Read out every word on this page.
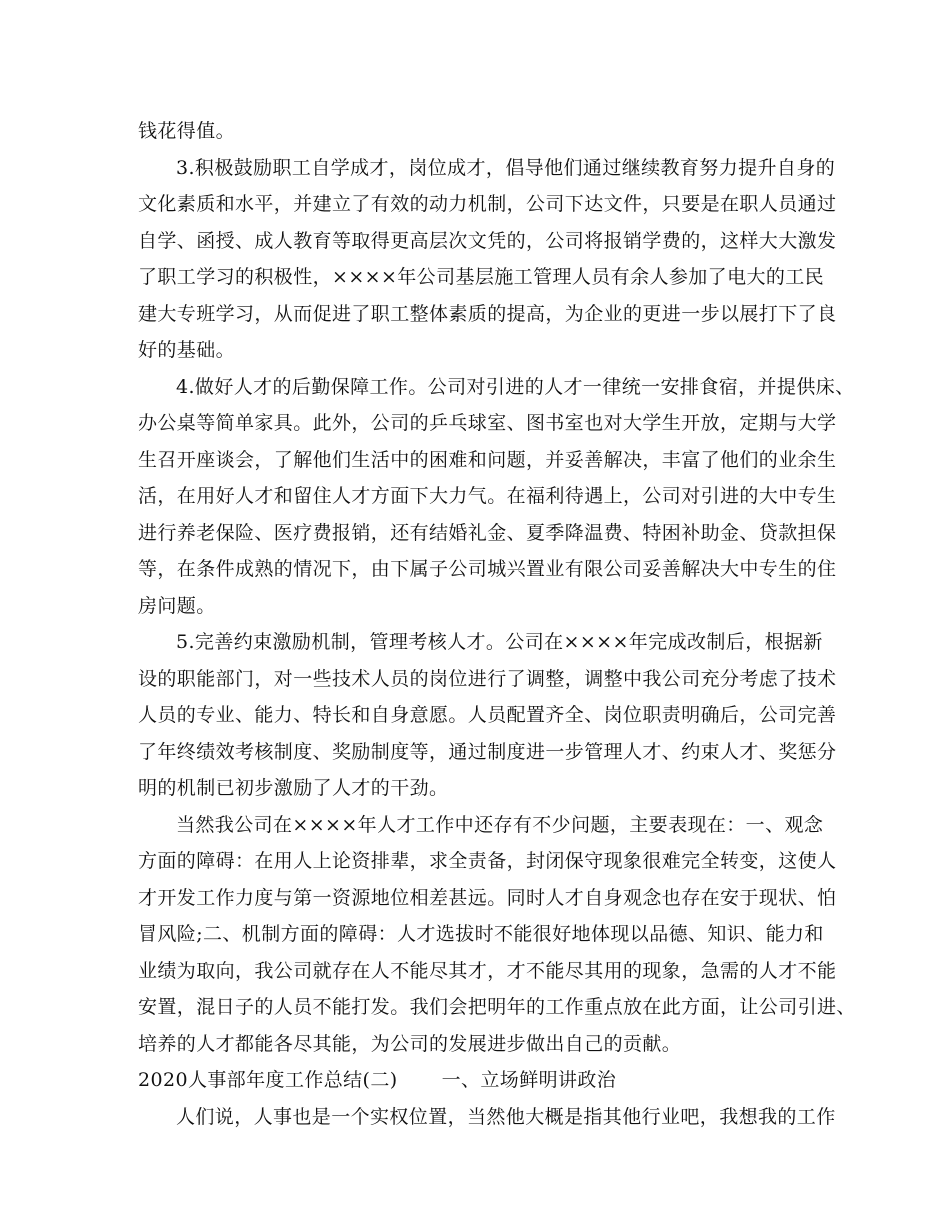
钱花得值。
3.积极鼓励职工自学成才，岗位成才，倡导他们通过继续教育努力提升自身的
文化素质和水平，并建立了有效的动力机制，公司下达文件，只要是在职人员通过
自学、函授、成人教育等取得更高层次文凭的，公司将报销学费的，这样大大激发
了职工学习的积极性，××××年公司基层施工管理人员有余人参加了电大的工民
建大专班学习，从而促进了职工整体素质的提高，为企业的更进一步以展打下了良
好的基础。
4.做好人才的后勤保障工作。公司对引进的人才一律统一安排食宿，并提供床、
办公桌等简单家具。此外，公司的乒乓球室、图书室也对大学生开放，定期与大学
生召开座谈会，了解他们生活中的困难和问题，并妥善解决，丰富了他们的业余生
活，在用好人才和留住人才方面下大力气。在福利待遇上，公司对引进的大中专生
进行养老保险、医疗费报销，还有结婚礼金、夏季降温费、特困补助金、贷款担保
等，在条件成熟的情况下，由下属子公司城兴置业有限公司妥善解决大中专生的住
房问题。
5.完善约束激励机制，管理考核人才。公司在××××年完成改制后，根据新
设的职能部门，对一些技术人员的岗位进行了调整，调整中我公司充分考虑了技术
人员的专业、能力、特长和自身意愿。人员配置齐全、岗位职责明确后，公司完善
了年终绩效考核制度、奖励制度等，通过制度进一步管理人才、约束人才、奖惩分
明的机制已初步激励了人才的干劲。
当然我公司在××××年人才工作中还存有不少问题，主要表现在：一、观念
方面的障碍：在用人上论资排辈，求全责备，封闭保守现象很难完全转变，这使人
才开发工作力度与第一资源地位相差甚远。同时人才自身观念也存在安于现状、怕
冒风险;二、机制方面的障碍：人才选拔时不能很好地体现以品德、知识、能力和
业绩为取向，我公司就存在人不能尽其才，才不能尽其用的现象，急需的人才不能
安置，混日子的人员不能打发。我们会把明年的工作重点放在此方面，让公司引进、
培养的人才都能各尽其能，为公司的发展进步做出自己的贡献。
2020人事部年度工作总结(二) 一、立场鲜明讲政治
人们说，人事也是一个实权位置，当然他大概是指其他行业吧，我想我的工作
